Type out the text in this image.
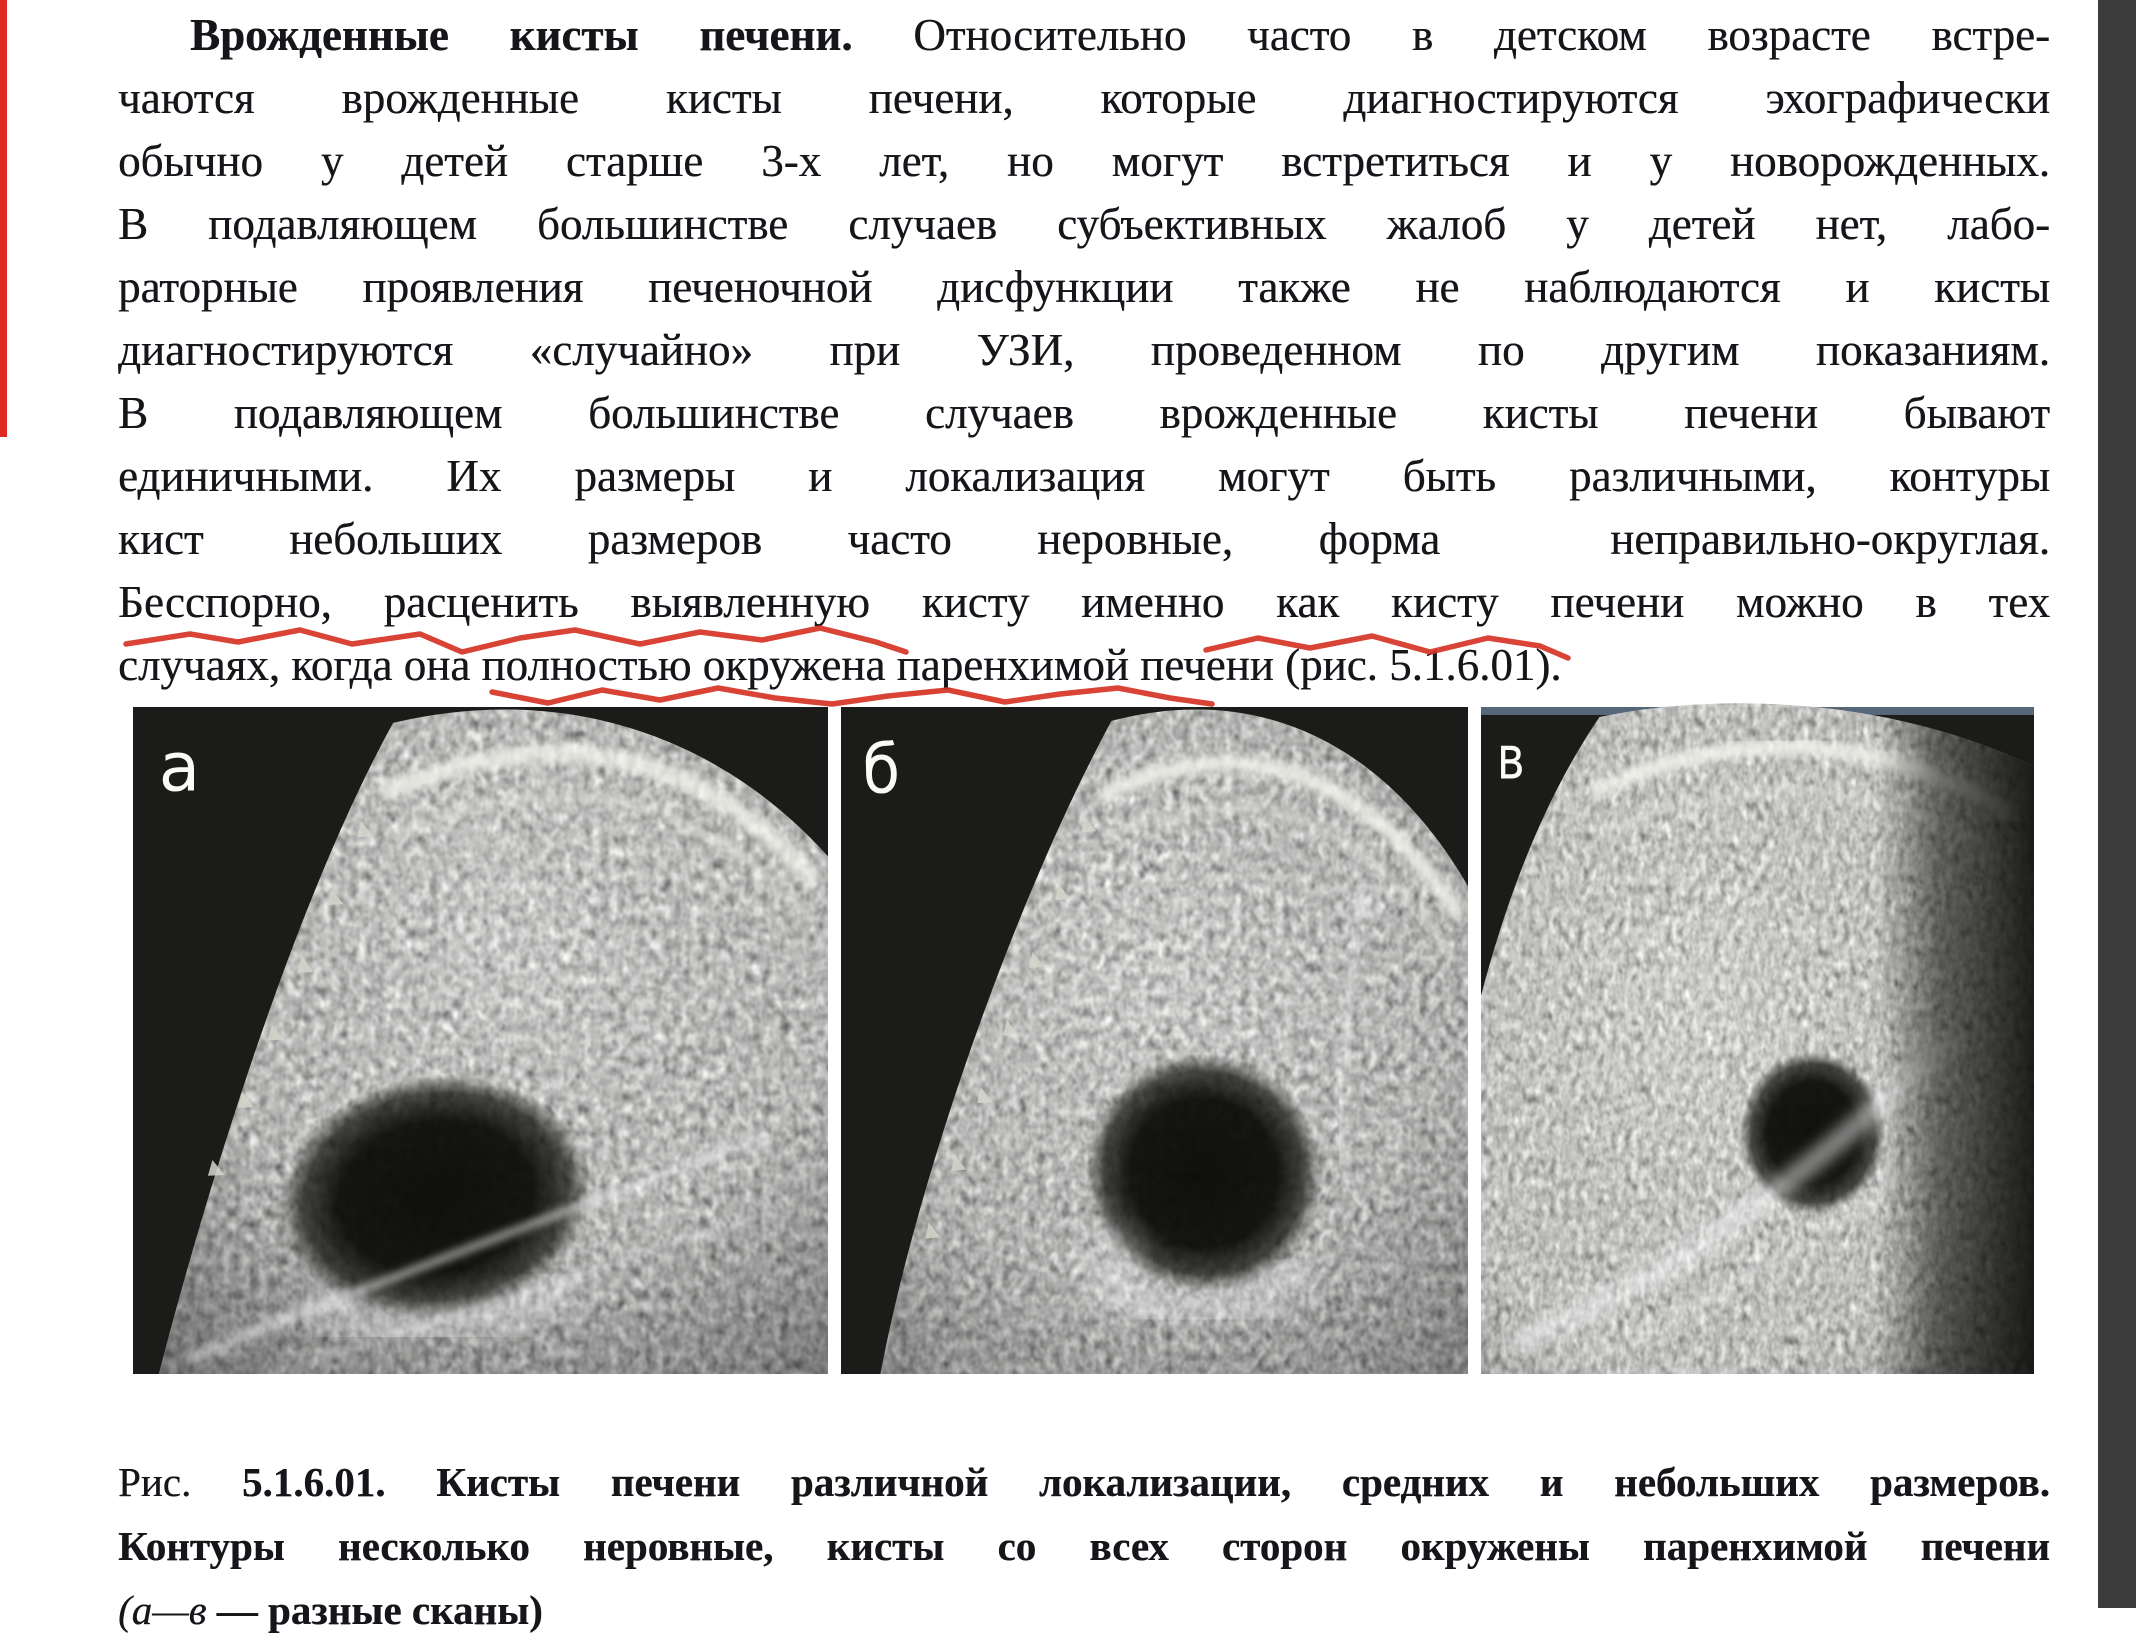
Врожденные кисты печени. Относительно часто в детском возрасте встре-
чаются врожденные кисты печени, которые диагностируются эхографически
обычно у детей старше 3-х лет, но могут встретиться и у новорожденных.
В подавляющем большинстве случаев субъективных жалоб у детей нет, лабо-
раторные проявления печеночной дисфункции также не наблюдаются и кисты
диагностируются «случайно» при УЗИ, проведенном по другим показаниям.
В подавляющем большинстве случаев врожденные кисты печени бывают
единичными. Их размеры и локализация могут быть различными, контуры
кист небольших размеров часто неровные, форма	неправильно-округлая.
Бесспорно, расценить выявленную кисту именно как кисту печени можно в тех
случаях, когда она полностью окружена паренхимой печени (рис. 5.1.6.01).
а	б	в
Рис. 5.1.6.01. Кисты печени различной локализации, средних и небольших размеров.
Контуры несколько неровные, кисты со всех сторон окружены паренхимой печени
(а—в — разные сканы)
